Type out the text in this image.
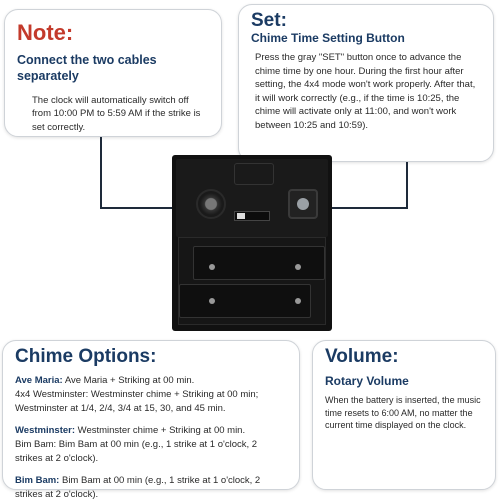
Note:
Connect the two cables separately
The clock will automatically switch off from 10:00 PM to 5:59 AM if the strike is set correctly.
Set:
Chime Time Setting Button
Press the gray "SET" button once to advance the chime time by one hour. During the first hour after setting, the 4x4 mode won't work properly. After that, it will work correctly (e.g., if the time is 10:25, the chime will activate only at 11:00, and won't work between 10:25 and 10:59).
Chime Options:
Ave Maria: Ave Maria + Striking at 00 min.
4x4 Westminster: Westminster chime + Striking at 00 min; Westminster at 1/4, 2/4, 3/4 at 15, 30, and 45 min.
Westminster: Westminster chime + Striking at 00 min.
Bim Bam: Bim Bam at 00 min (e.g., 1 strike at 1 o'clock, 2 strikes at 2 o'clock).
Bim Bam: Bim Bam at 00 min (e.g., 1 strike at 1 o'clock, 2 strikes at 2 o'clock).
Volume:
Rotary Volume
When the battery is inserted, the music time resets to 6:00 AM, no matter the current time displayed on the clock.
